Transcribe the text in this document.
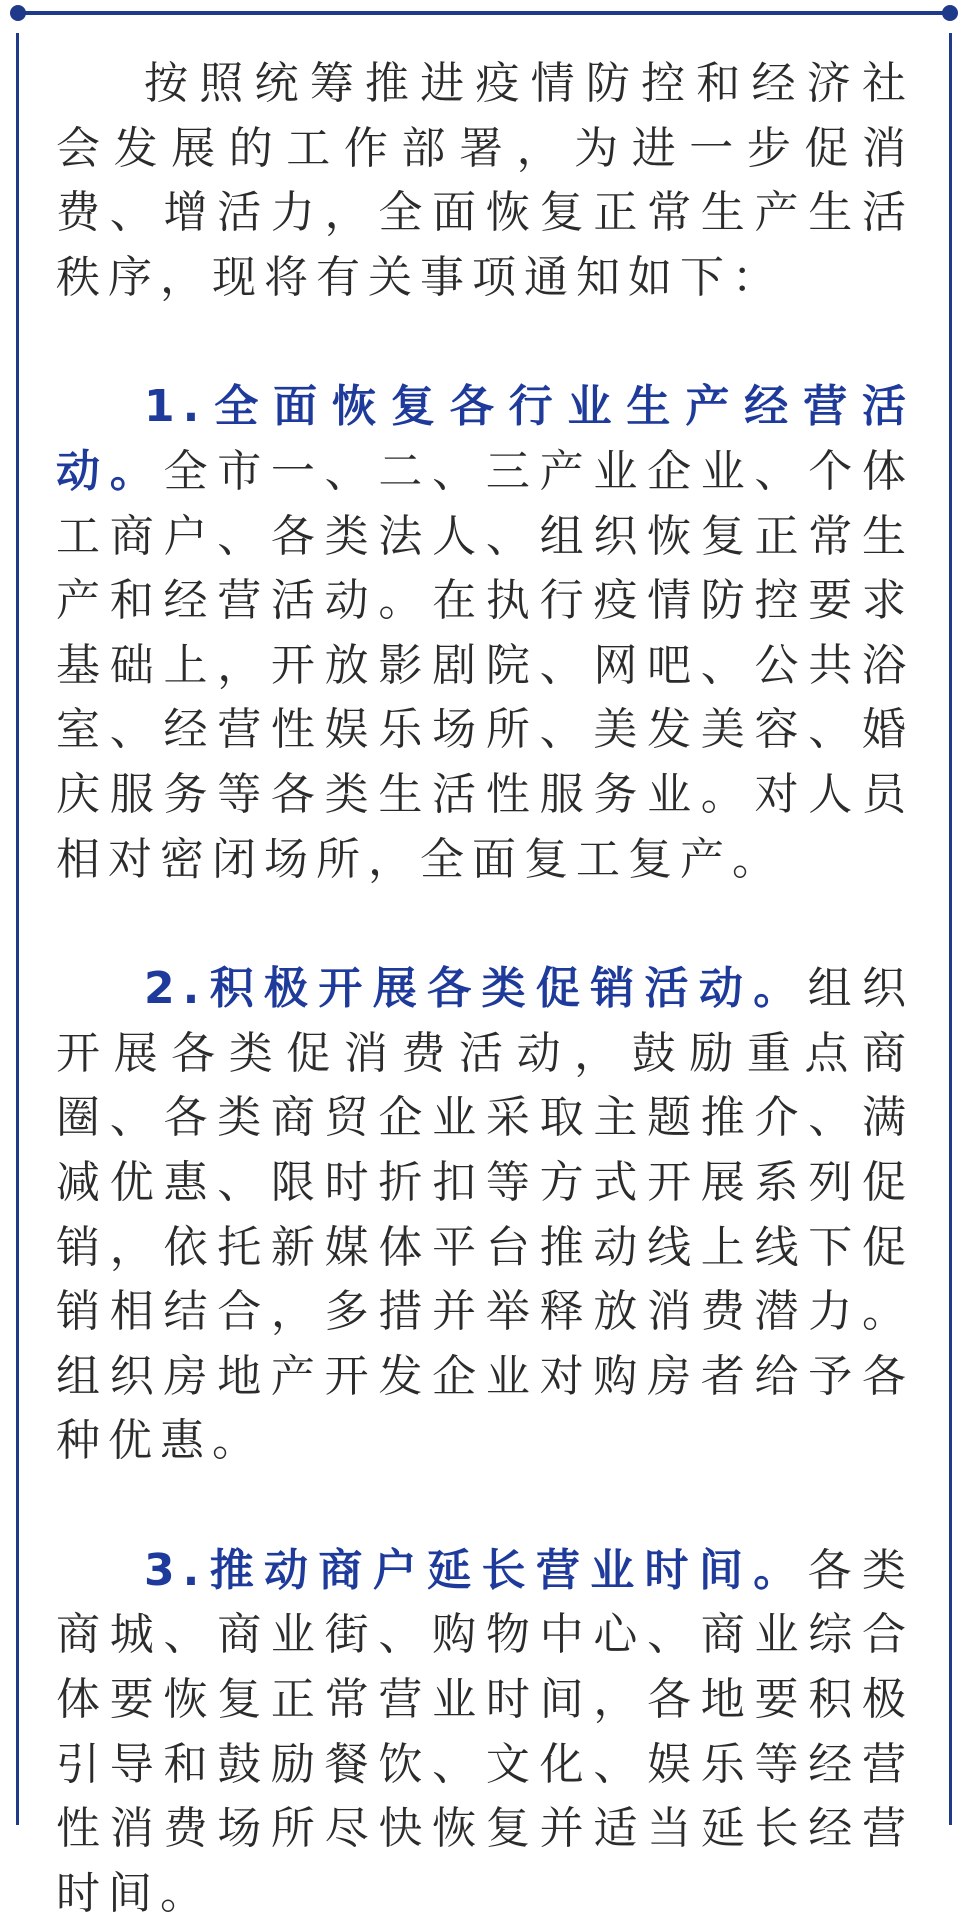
按照统筹推进疫情防控和经济社会发展的工作部署，为进一步促消费、增活力，全面恢复正常生产生活秩序，现将有关事项通知如下：

1.全面恢复各行业生产经营活动。全市一、二、三产业企业、个体工商户、各类法人、组织恢复正常生产和经营活动。在执行疫情防控要求基础上，开放影剧院、网吧、公共浴室、经营性娱乐场所、美发美容、婚庆服务等各类生活性服务业。对人员相对密闭场所，全面复工复产。

2.积极开展各类促销活动。组织开展各类促消费活动，鼓励重点商圈、各类商贸企业采取主题推介、满减优惠、限时折扣等方式开展系列促销，依托新媒体平台推动线上线下促销相结合，多措并举释放消费潜力。组织房地产开发企业对购房者给予各种优惠。

3.推动商户延长营业时间。各类商城、商业街、购物中心、商业综合体要恢复正常营业时间，各地要积极引导和鼓励餐饮、文化、娱乐等经营性消费场所尽快恢复并适当延长经营时间。
